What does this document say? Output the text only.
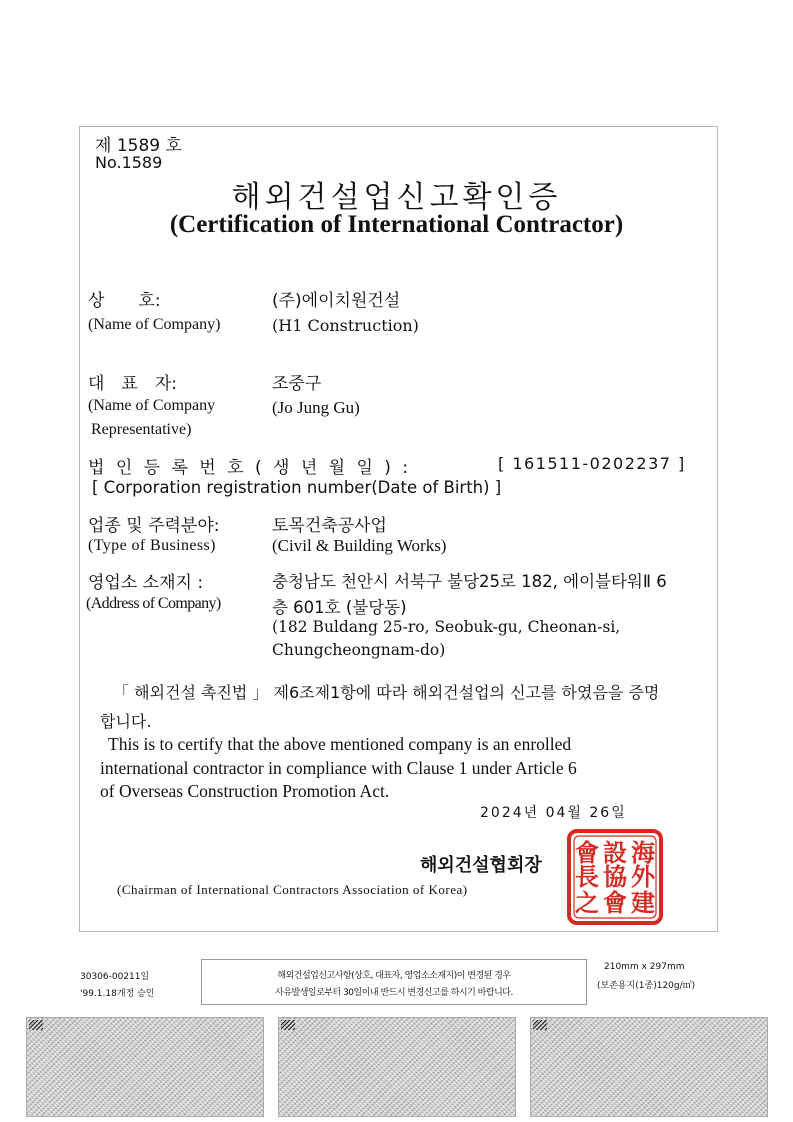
제 1589 호
No.1589
해외건설업신고확인증
(Certification of International Contractor)
상　　호:
(Name of Company)
(주)에이치원건설
(H1 Construction)
대　표　자:
(Name of Company
Representative)
조중구
(Jo Jung Gu)
법 인 등 록 번 호 ( 생 년 월 일 ) :	[ 161511-0202237 ]
[ Corporation registration number(Date of Birth) ]
업종 및 주력분야:
(Type of Business)
토목건축공사업
(Civil & Building Works)
영업소 소재지 :
(Address of Company)
충청남도 천안시 서북구 불당25로 182, 에이블타워Ⅱ 6
층 601호 (불당동)
(182 Buldang 25-ro, Seobuk-gu, Cheonan-si,
Chungcheongnam-do)
「 해외건설 촉진법 」 제6조제1항에 따라 해외건설업의 신고를 하였음을 증명
합니다.
This is to certify that the above mentioned company is an enrolled
international contractor in compliance with Clause 1 under Article 6
of Overseas Construction Promotion Act.
2024년 04월 26일
해외건설협회장
(Chairman of International Contractors Association of Korea)
海
外
建
設
協
會
會
長
之
30306-00211일
'99.1.18개정 승인
해외건설업신고사항(상호, 대표자, 영업소소재지)이 변경된 경우
사유발생일로부터 30일이내 반드시 변경신고를 하시기 바랍니다.
210mm x 297mm
(보존용지(1종)120g/㎡)
